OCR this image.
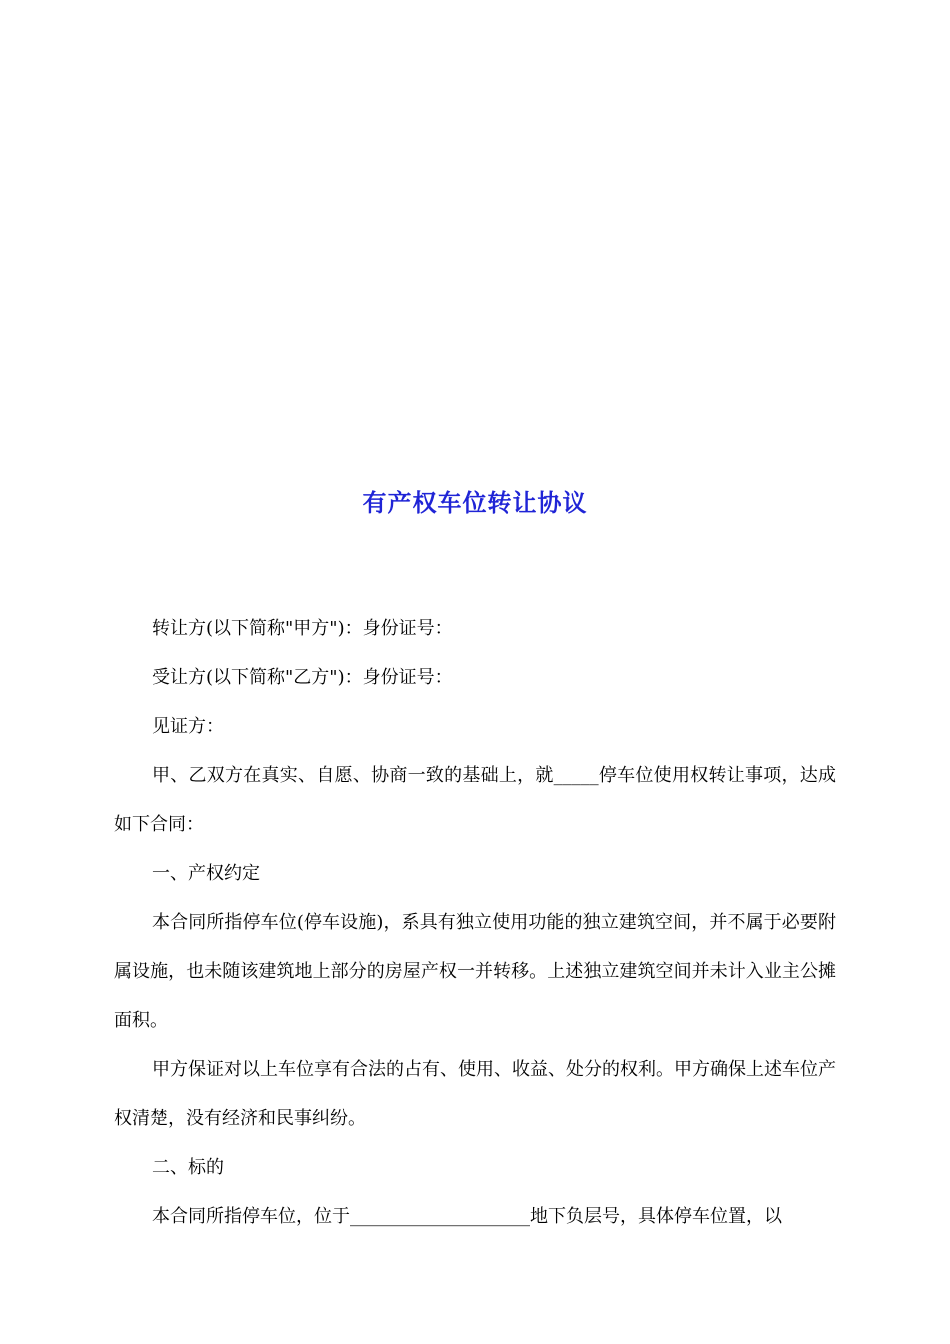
有产权车位转让协议

转让方(以下简称"甲方")：身份证号：

受让方(以下简称"乙方")：身份证号：

见证方：

甲、乙双方在真实、自愿、协商一致的基础上，就_____停车位使用权转让事项，达成如下合同：

一、产权约定

本合同所指停车位(停车设施)，系具有独立使用功能的独立建筑空间，并不属于必要附属设施，也未随该建筑地上部分的房屋产权一并转移。上述独立建筑空间并未计入业主公摊面积。

甲方保证对以上车位享有合法的占有、使用、收益、处分的权利。甲方确保上述车位产权清楚，没有经济和民事纠纷。

二、标的

本合同所指停车位，位于____________________地下负层号，具体停车位置，以
